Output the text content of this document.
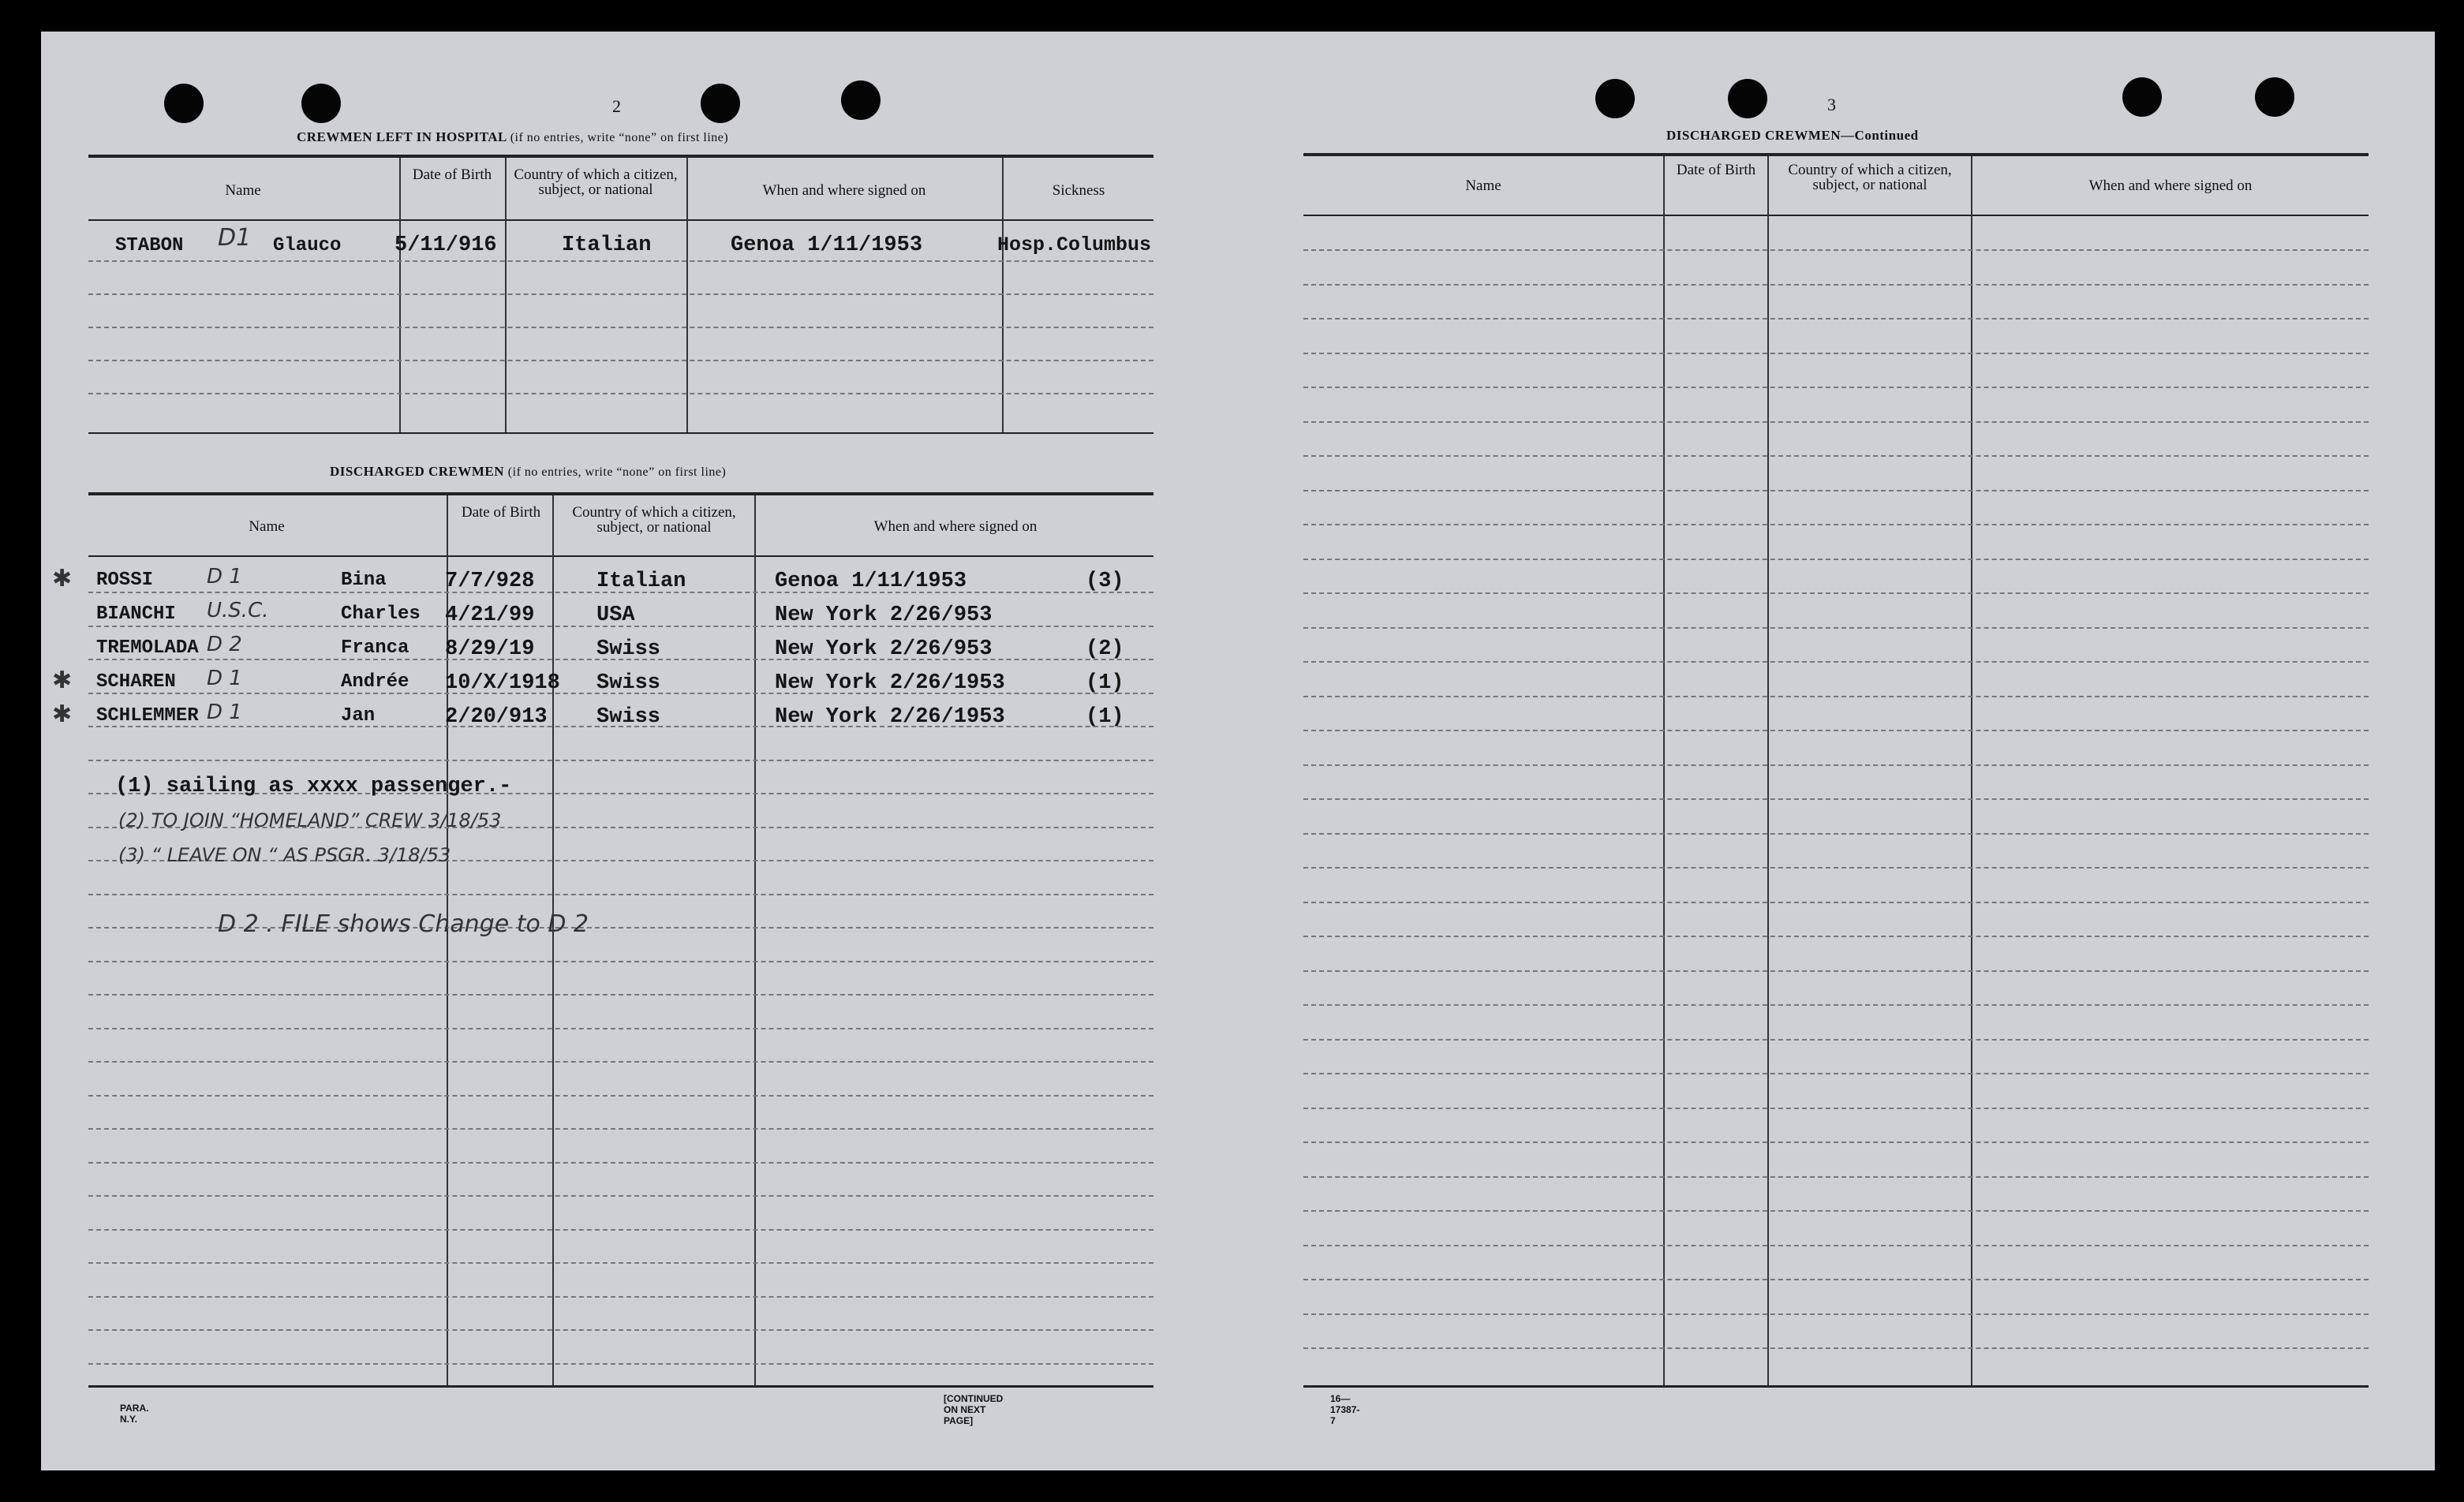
2
CREWMEN LEFT IN HOSPITAL (if no entries, write “none” on first line)
Name
Date of Birth	Country of which a citizen, subject, or national	When and where signed on	Sickness
STABON D1 Glauco	5/11/916	Italian	Genoa 1/11/1953	Hosp.Columbus
DISCHARGED CREWMEN (if no entries, write “none” on first line)
Name
Date of Birth	Country of which a citizen, subject, or national	When and where signed on
✱ ROSSI	D 1	Bina	7/7/928	Italian	Genoa 1/11/1953	(3)
BIANCHI U.S.C.	Charles 4/21/99	USA	New York 2/26/953
TREMOLADA D 2	Franca 8/29/19	Swiss	New York 2/26/953	(2)
✱ SCHAREN D 1	Andrée 10/X/1918 Swiss	New York 2/26/1953	(1)
✱ SCHLEMMER D 1	Jan	2/20/913 Swiss	New York 2/26/1953	(1)
(1) sailing as xxxx passenger.-
(2) TO JOIN “HOMELAND” CREW 3/18/53
(3) “ LEAVE ON “ AS PSGR. 3/18/53
D 2 . FILE shows Change to D 2
PARA. N.Y.
[CONTINUED ON NEXT PAGE]
3
DISCHARGED CREWMEN—Continued
Name
Date of Birth	Country of which a citizen, subject, or national	When and where signed on
16—17387-7
